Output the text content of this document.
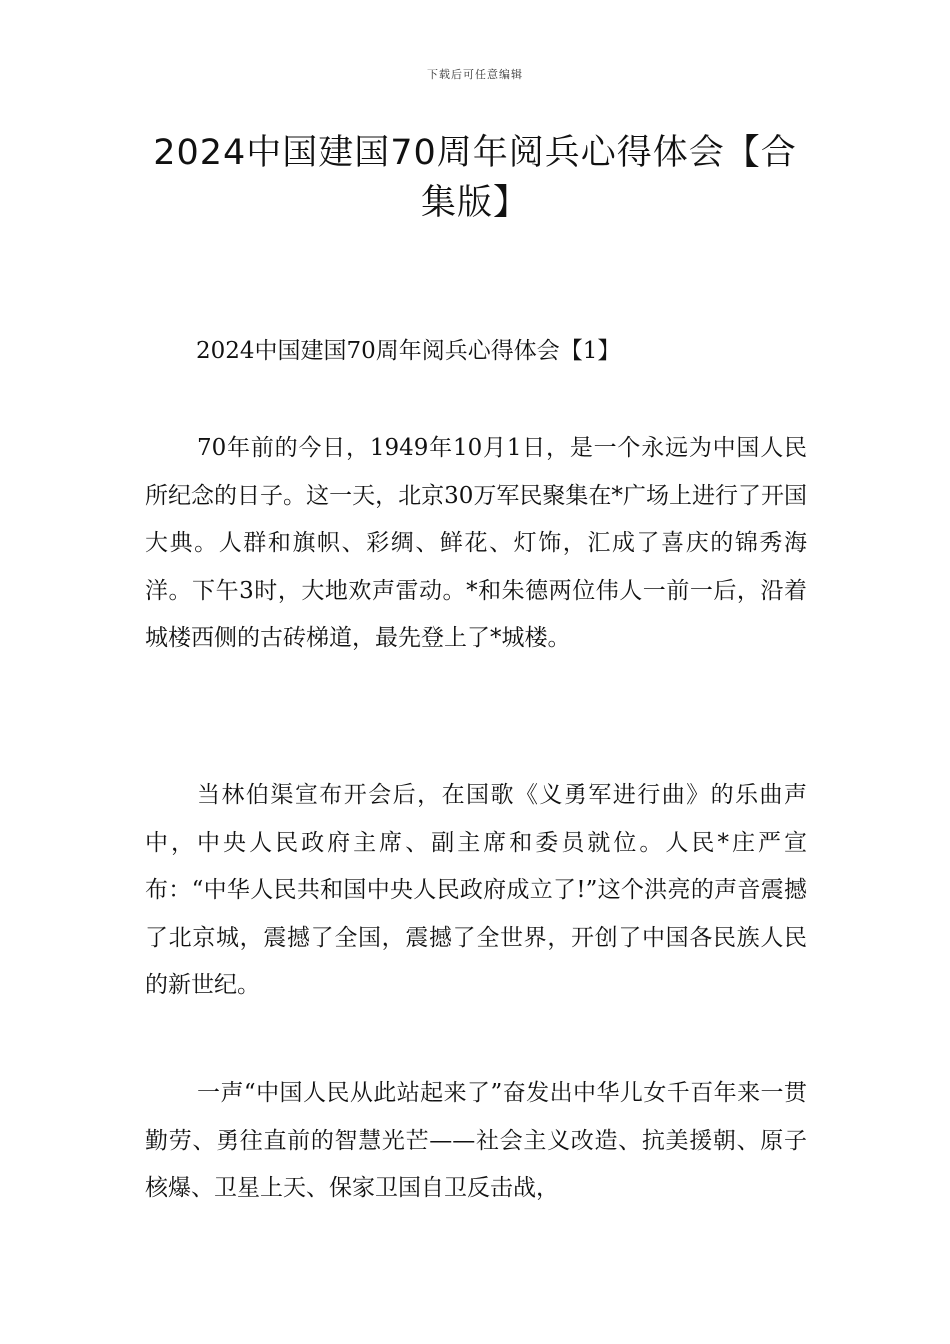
下载后可任意编辑
2024中国建国70周年阅兵心得体会【合集版】
2024中国建国70周年阅兵心得体会【1】

70年前的今日，1949年10月1日，是一个永远为中国人民所纪念的日子。这一天，北京30万军民聚集在*广场上进行了开国大典。人群和旗帜、彩绸、鲜花、灯饰，汇成了喜庆的锦秀海洋。下午3时，大地欢声雷动。*和朱德两位伟人一前一后，沿着城楼西侧的古砖梯道，最先登上了*城楼。

当林伯渠宣布开会后，在国歌《义勇军进行曲》的乐曲声中，中央人民政府主席、副主席和委员就位。人民*庄严宣布：“中华人民共和国中央人民政府成立了!”这个洪亮的声音震撼了北京城，震撼了全国，震撼了全世界，开创了中国各民族人民的新世纪。

一声“中国人民从此站起来了”奋发出中华儿女千百年来一贯勤劳、勇往直前的智慧光芒——社会主义改造、抗美援朝、原子核爆、卫星上天、保家卫国自卫反击战，
